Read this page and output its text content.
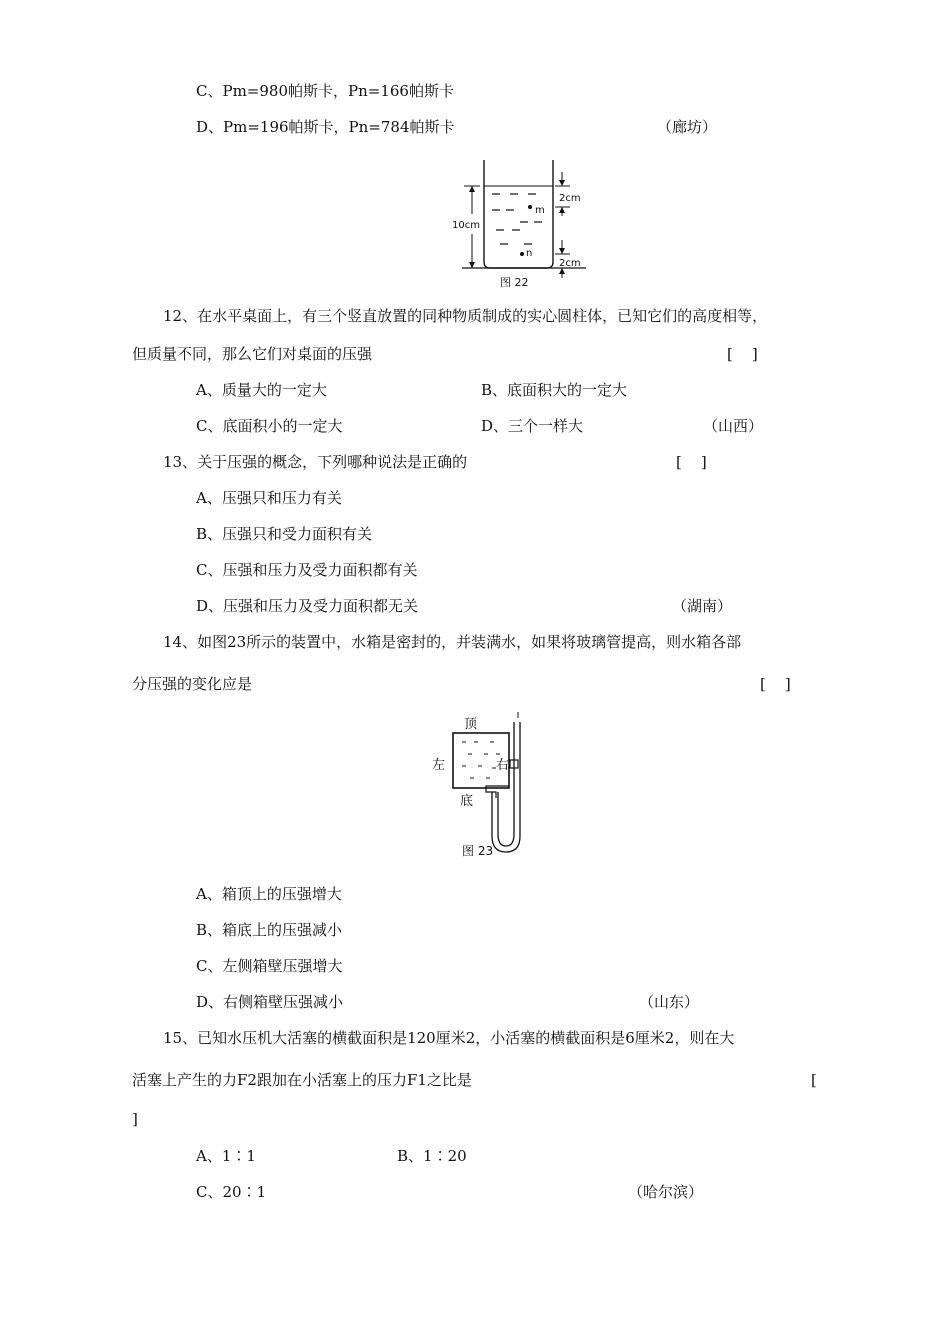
C、Pm=980帕斯卡，Pn=166帕斯卡
D、Pm=196帕斯卡，Pn=784帕斯卡	（廊坊）
m
n
10cm
2cm
2cm
图 22
12、在水平桌面上，有三个竖直放置的同种物质制成的实心圆柱体，已知它们的高度相等，
但质量不同，那么它们对桌面的压强	[    ]
A、质量大的一定大	B、底面积大的一定大
C、底面积小的一定大	D、三个一样大	（山西）
13、关于压强的概念，下列哪种说法是正确的	[    ]
A、压强只和压力有关
B、压强只和受力面积有关
C、压强和压力及受力面积都有关
D、压强和压力及受力面积都无关	（湖南）
14、如图23所示的装置中，水箱是密封的，并装满水，如果将玻璃管提高，则水箱各部
分压强的变化应是	[    ]
顶
左	右
底
图 23
A、箱顶上的压强增大
B、箱底上的压强减小
C、左侧箱壁压强增大
D、右侧箱壁压强减小	（山东）
15、已知水压机大活塞的横截面积是120厘米2，小活塞的横截面积是6厘米2，则在大
活塞上产生的力F2跟加在小活塞上的压力F1之比是	[
]
A、1∶1	B、1∶20
C、20∶1	（哈尔滨）
